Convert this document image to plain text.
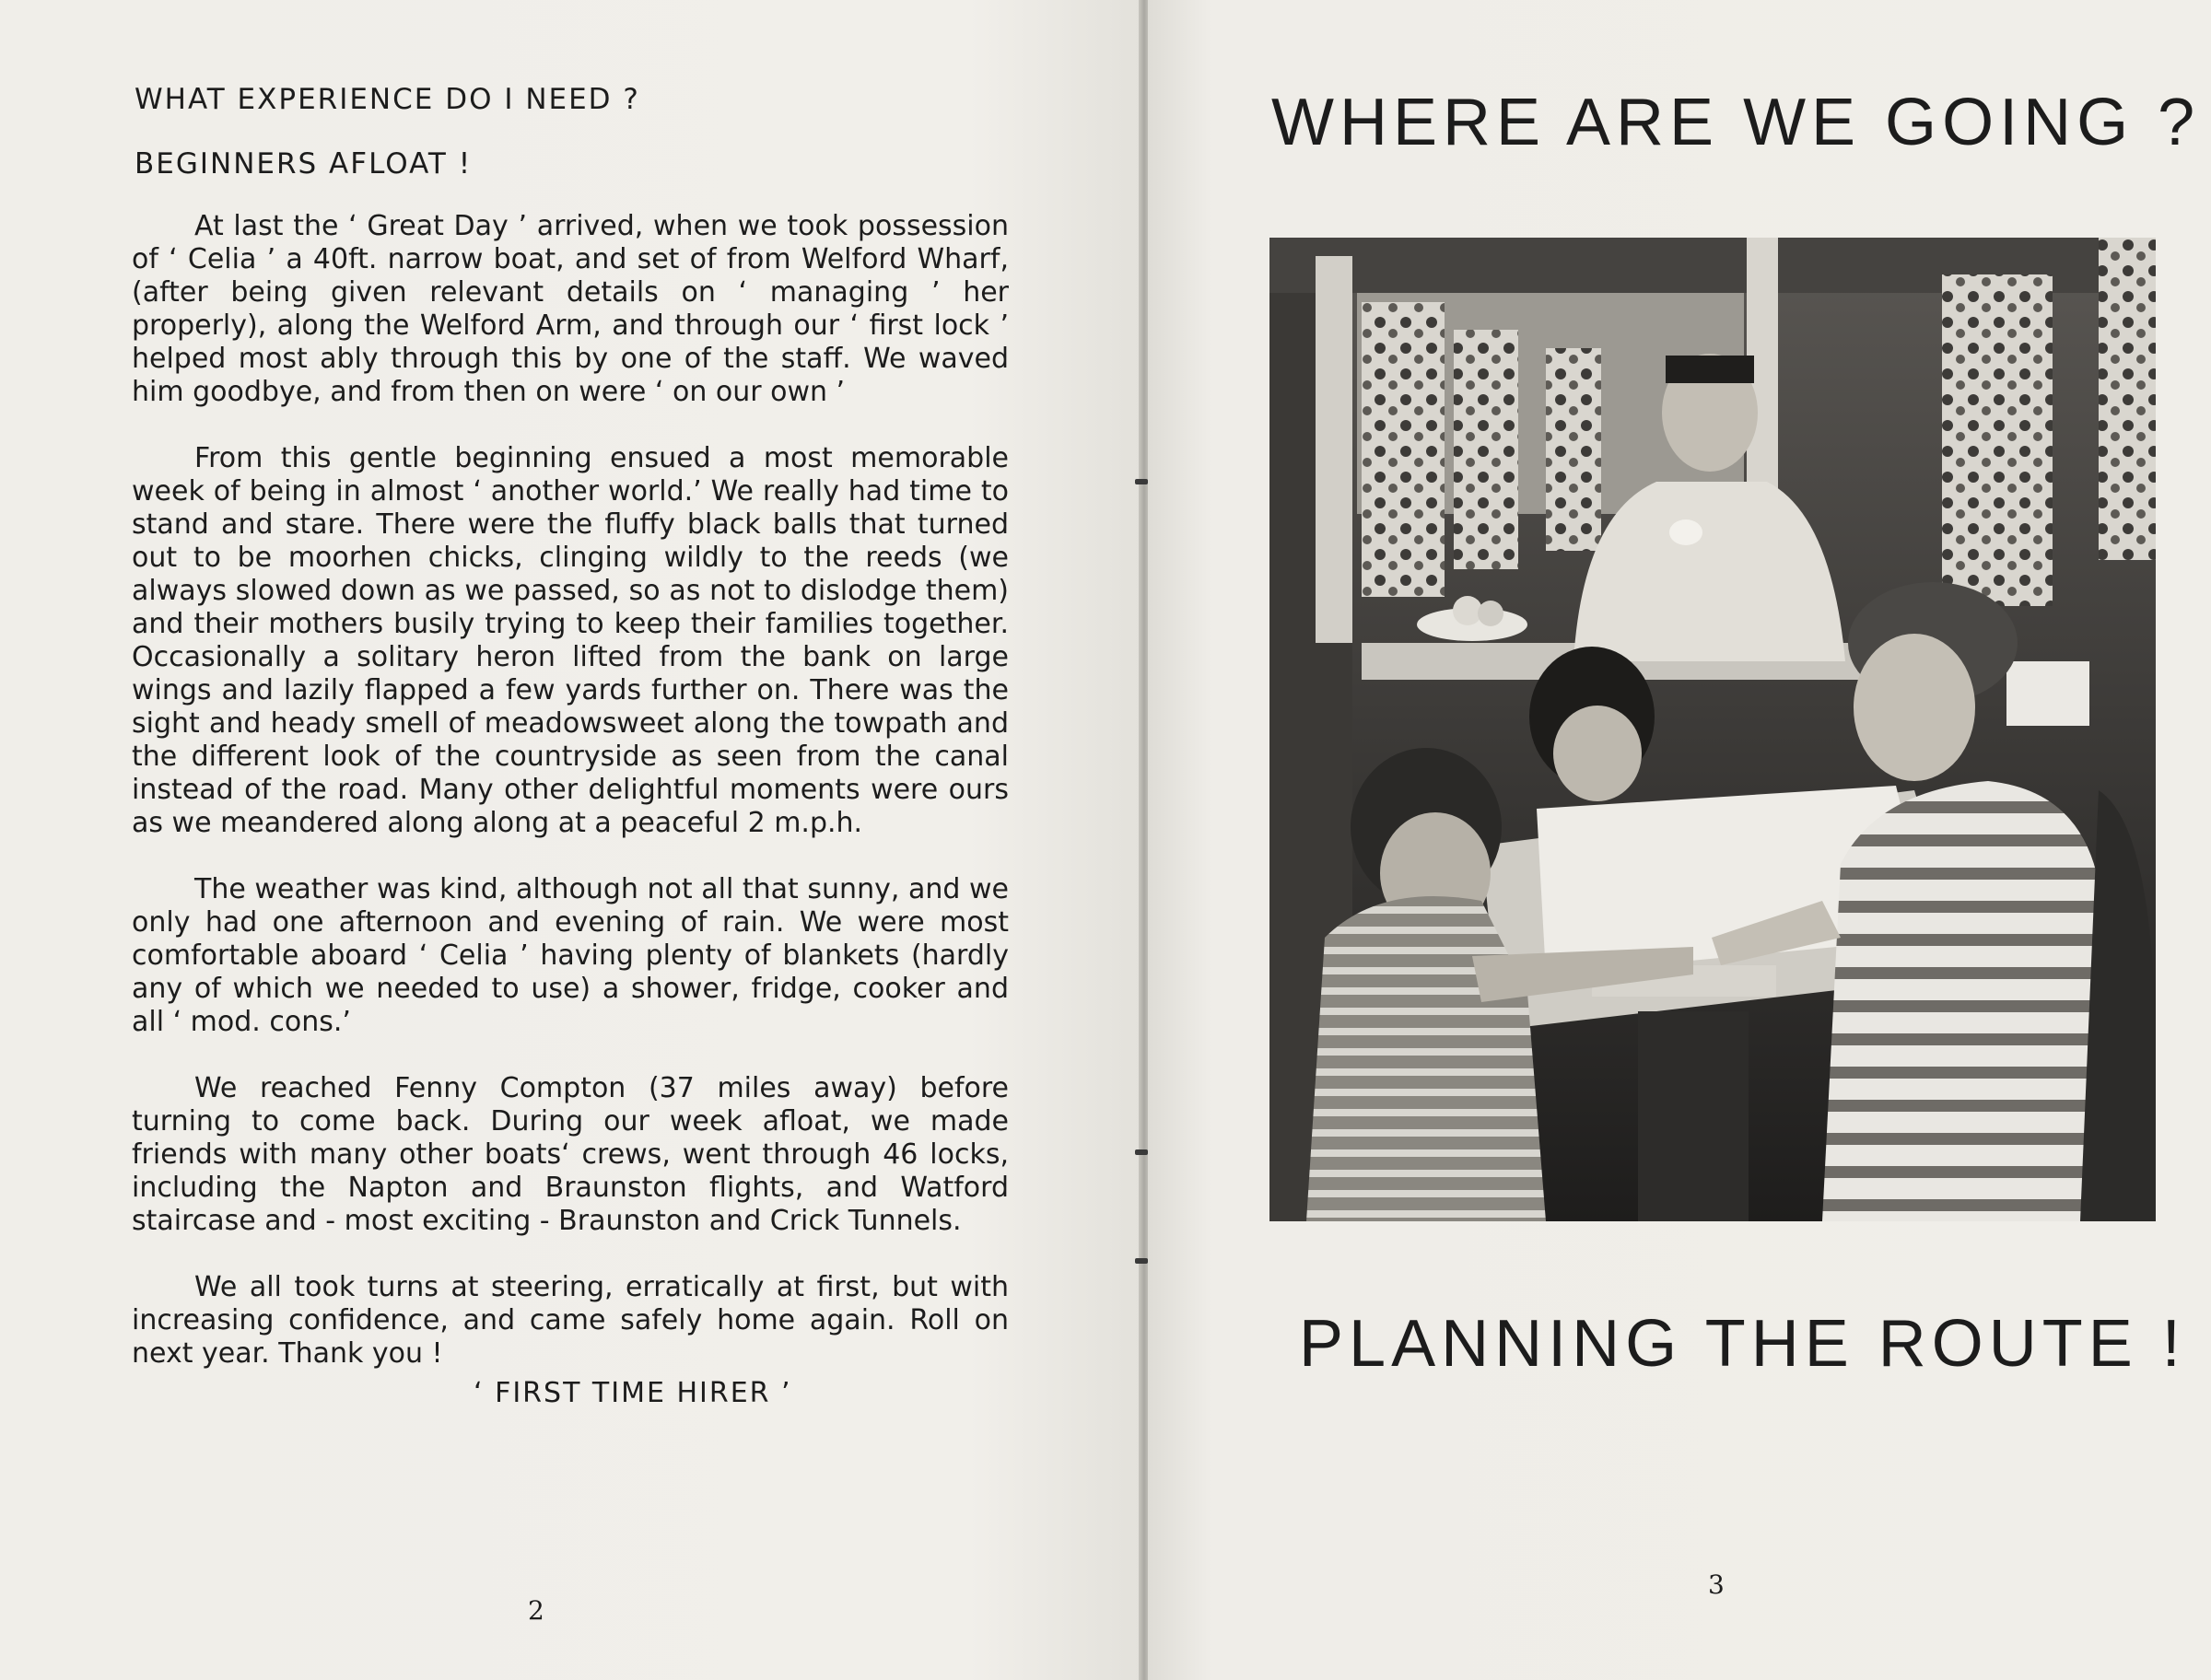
WHAT EXPERIENCE DO I NEED ?
BEGINNERS AFLOAT !

At last the ‘ Great Day ’ arrived, when we took possession of ‘ Celia ’ a 40ft. narrow boat, and set of from Welford Wharf, (after being given relevant details on ‘ managing ’ her properly), along the Welford Arm, and through our ‘ first lock ’ helped most ably through this by one of the staff. We waved him goodbye, and from then on were ‘ on our own ’

From this gentle beginning ensued a most memorable week of being in almost ‘ another world.’ We really had time to stand and stare. There were the fluffy black balls that turned out to be moorhen chicks, clinging wildly to the reeds (we always slowed down as we passed, so as not to dislodge them) and their mothers busily trying to keep their families together. Occasionally a solitary heron lifted from the bank on large wings and lazily flapped a few yards further on. There was the sight and heady smell of meadowsweet along the towpath and the different look of the countryside as seen from the canal instead of the road. Many other delightful moments were ours as we meandered along along at a peaceful 2 m.p.h.

The weather was kind, although not all that sunny, and we only had one afternoon and evening of rain. We were most comfortable aboard ‘ Celia ’ having plenty of blankets (hardly any of which we needed to use) a shower, fridge, cooker and all ‘ mod. cons.’

We reached Fenny Compton (37 miles away) before turning to come back. During our week afloat, we made friends with many other boats‘ crews, went through 46 locks, including the Napton and Braunston flights, and Watford staircase and - most exciting - Braunston and Crick Tunnels.

We all took turns at steering, erratically at first, but with increasing confidence, and came safely home again. Roll on next year. Thank you !

‘ FIRST TIME HIRER ’
2
WHERE ARE WE GOING ?
PLANNING THE ROUTE !
3
